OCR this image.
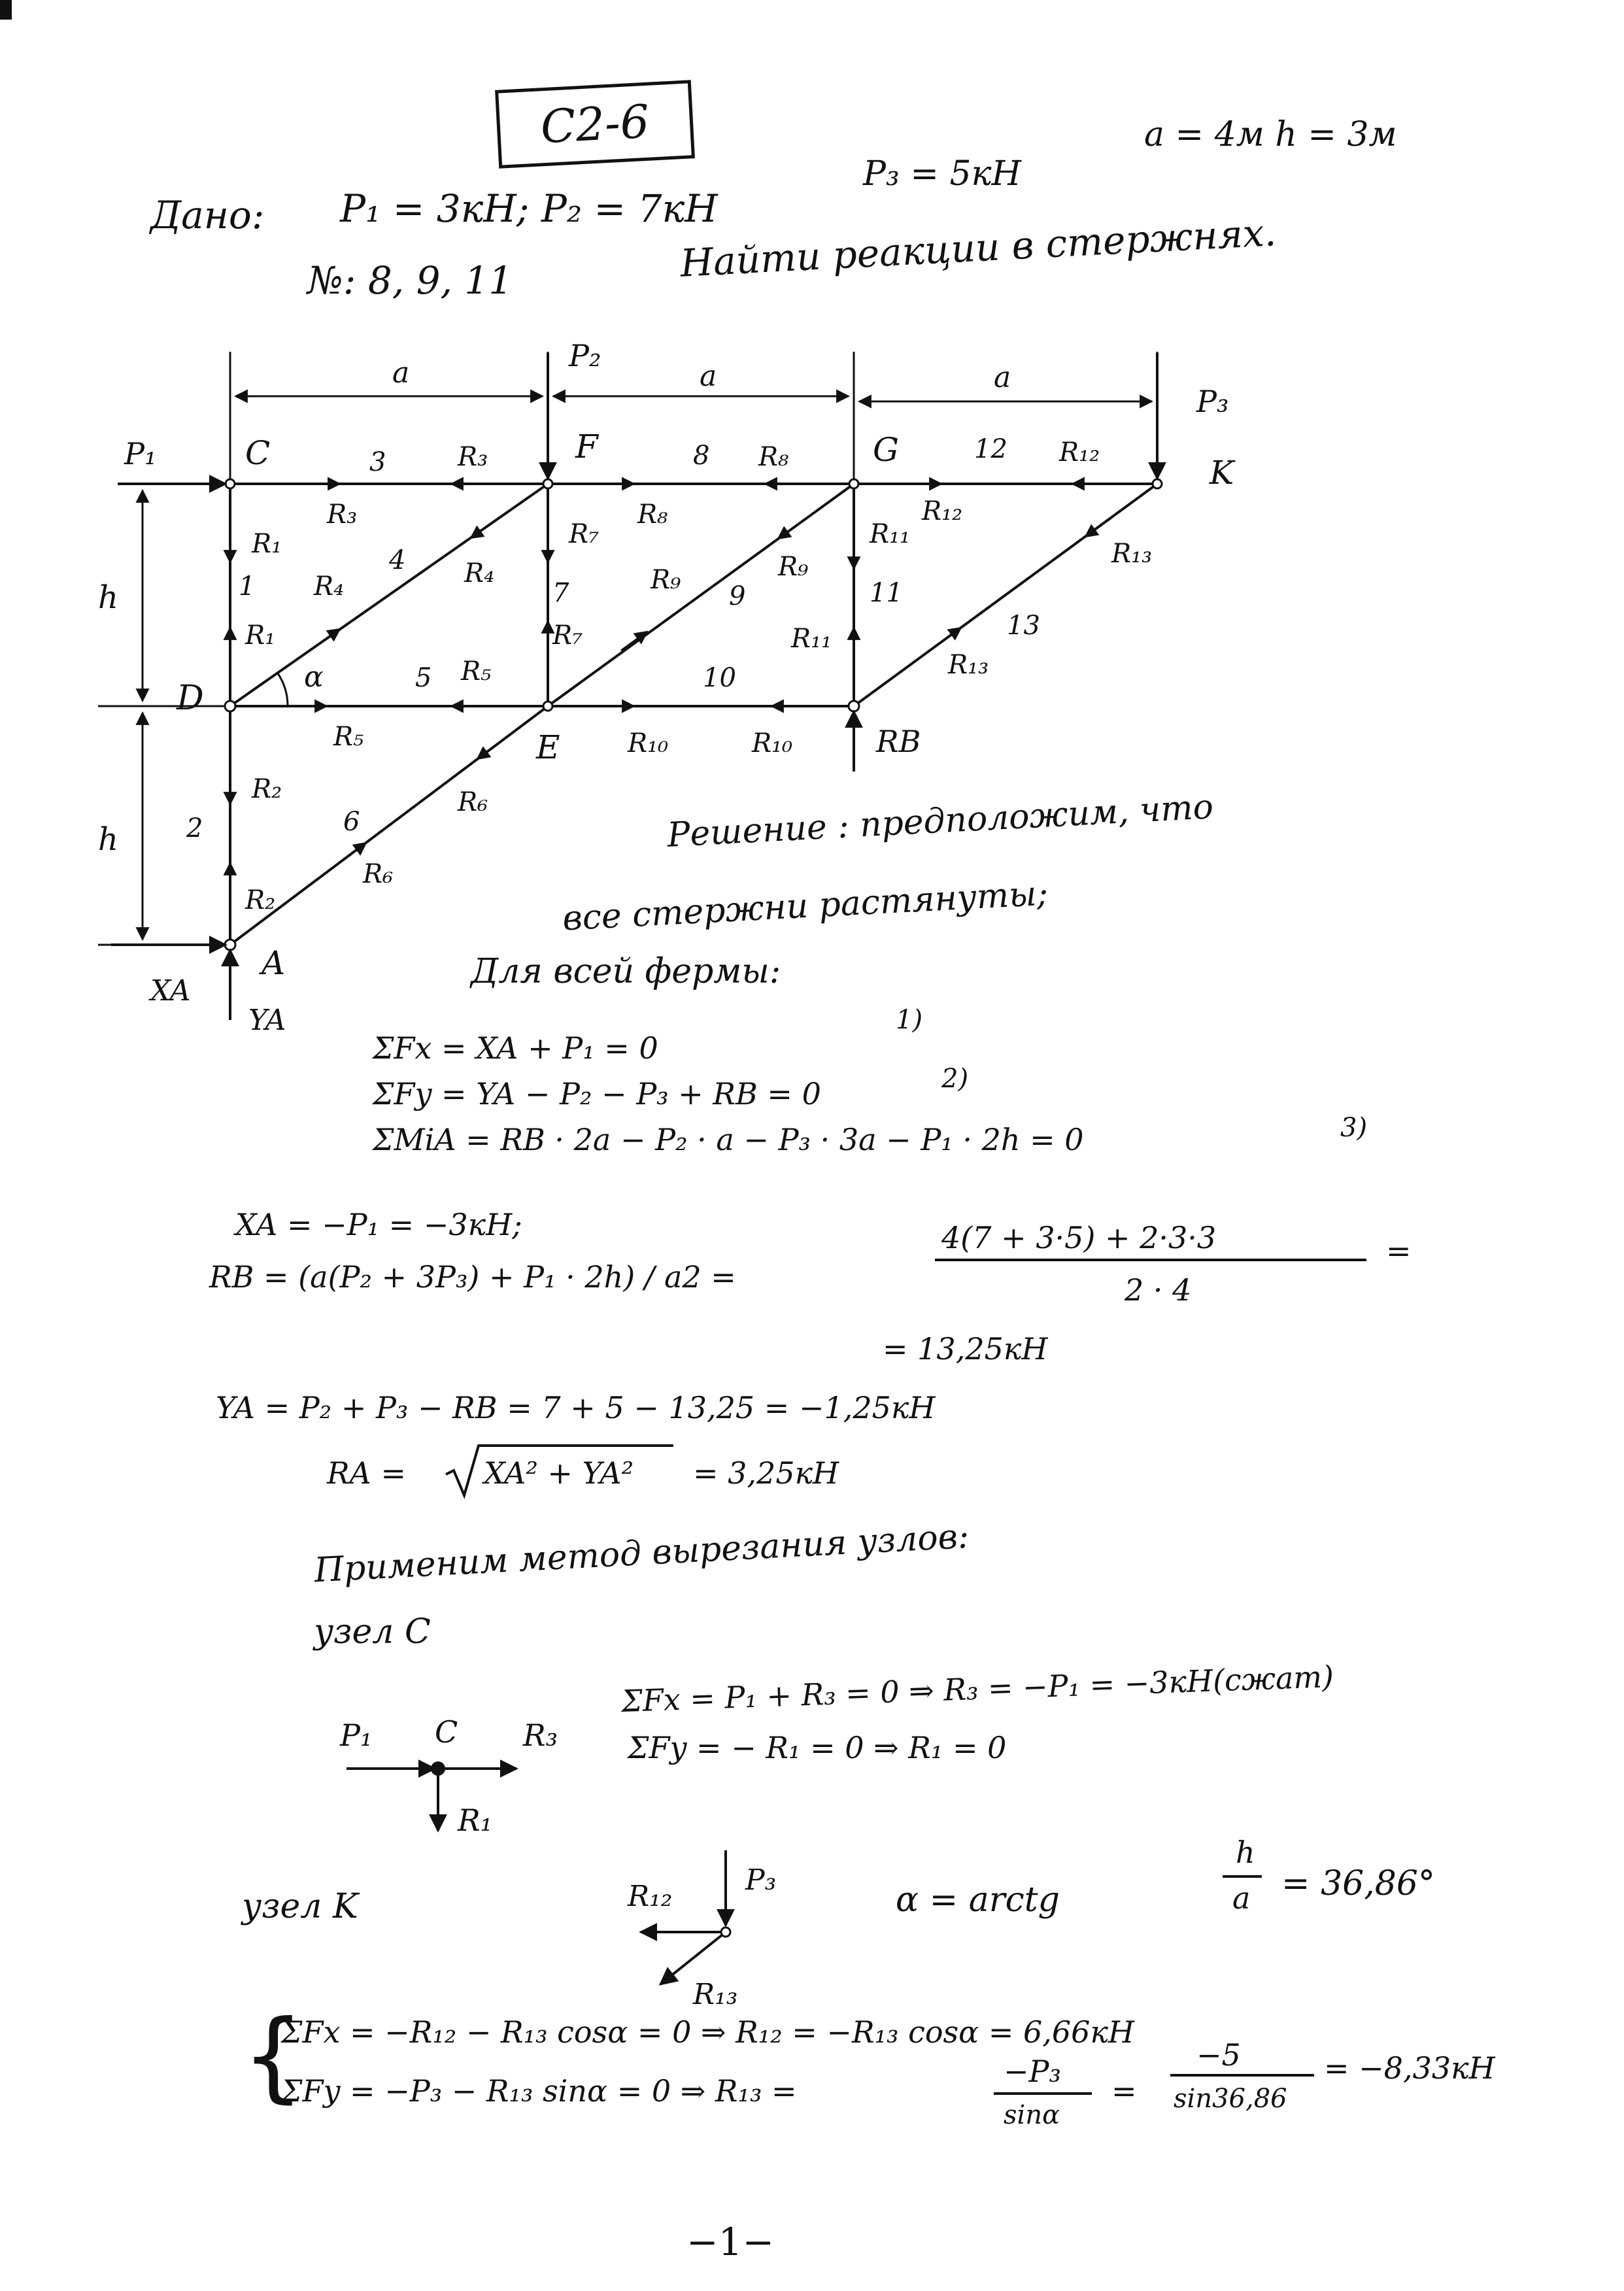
C2-6
Дано: P₁ = 3кН; P₂ = 7кН
P₃ = 5кН
a = 4м h = 3м
№: 8, 9, 11	Найти реакции в стержнях.
a	a	a
h
h
P₁
P₂
P₃
XA
YA
RB
C	F	G
K
D
E
A
α
1
2
3
4
5
6
7
8
9
10
11
12
13
R₃
R₃
R₁
R₁
R₄	R₄
R₅
R₅
R₆
R₆
R₂
R₂
R₇
R₇
R₈
R₈
R₉	R₉
R₁₀	R₁₀
R₁₁
R₁₁
R₁₂
R₁₂
R₁₃
R₁₃
Решение : предположим, что
все стержни растянуты;
Для всей фермы:
1)
ΣFx = XA + P₁ = 0
ΣFy = YA − P₂ − P₃ + RB = 0	2)
ΣMiA = RB · 2a − P₂ · a − P₃ · 3a − P₁ · 2h = 0	3)
XA = −P₁ = −3кН;
RB = (a(P₂ + 3P₃) + P₁ · 2h) / a2 =
4(7 + 3·5) + 2·3·3
2 · 4
=
= 13,25кН
YA = P₂ + P₃ − RB = 7 + 5 − 13,25 = −1,25кН
RA =	XA² + YA² = 3,25кН
Применим метод вырезания узлов:
узел C
P₁ C R₃
R₁
ΣFx = P₁ + R₃ = 0 ⇒ R₃ = −P₁ = −3кН(сжат)
ΣFy = − R₁ = 0 ⇒ R₁ = 0
узел K	R₁₂	P₃
R₁₃
α = arctg
h
a = 36,86°
{
ΣFx = −R₁₂ − R₁₃ cosα = 0 ⇒ R₁₂ = −R₁₃ cosα = 6,66кН
ΣFy = −P₃ − R₁₃ sinα = 0 ⇒ R₁₃ =
−P₃
sinα
=
−5
sin36,86
= −8,33кН
−1−
